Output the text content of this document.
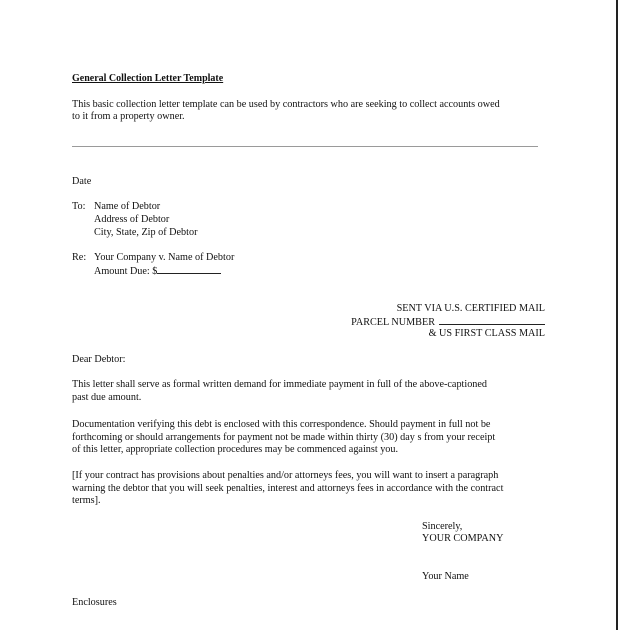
General Collection Letter Template
This basic collection letter template can be used by contractors who are seeking to collect accounts owed
to it from a property owner.
Date
To: Name of Debtor
Address of Debtor
City, State, Zip of Debtor
Re: Your Company v. Name of Debtor
Amount Due: $
SENT VIA U.S. CERTIFIED MAIL
PARCEL NUMBER
& US FIRST CLASS MAIL
Dear Debtor:
This letter shall serve as formal written demand for immediate payment in full of the above-captioned
past due amount.
Documentation verifying this debt is enclosed with this correspondence. Should payment in full not be
forthcoming or should arrangements for payment not be made within thirty (30) day s from your receipt
of this letter, appropriate collection procedures may be commenced against you.
[If your contract has provisions about penalties and/or attorneys fees, you will want to insert a paragraph
warning the debtor that you will seek penalties, interest and attorneys fees in accordance with the contract
terms].
Sincerely,
YOUR COMPANY
Your Name
Enclosures
